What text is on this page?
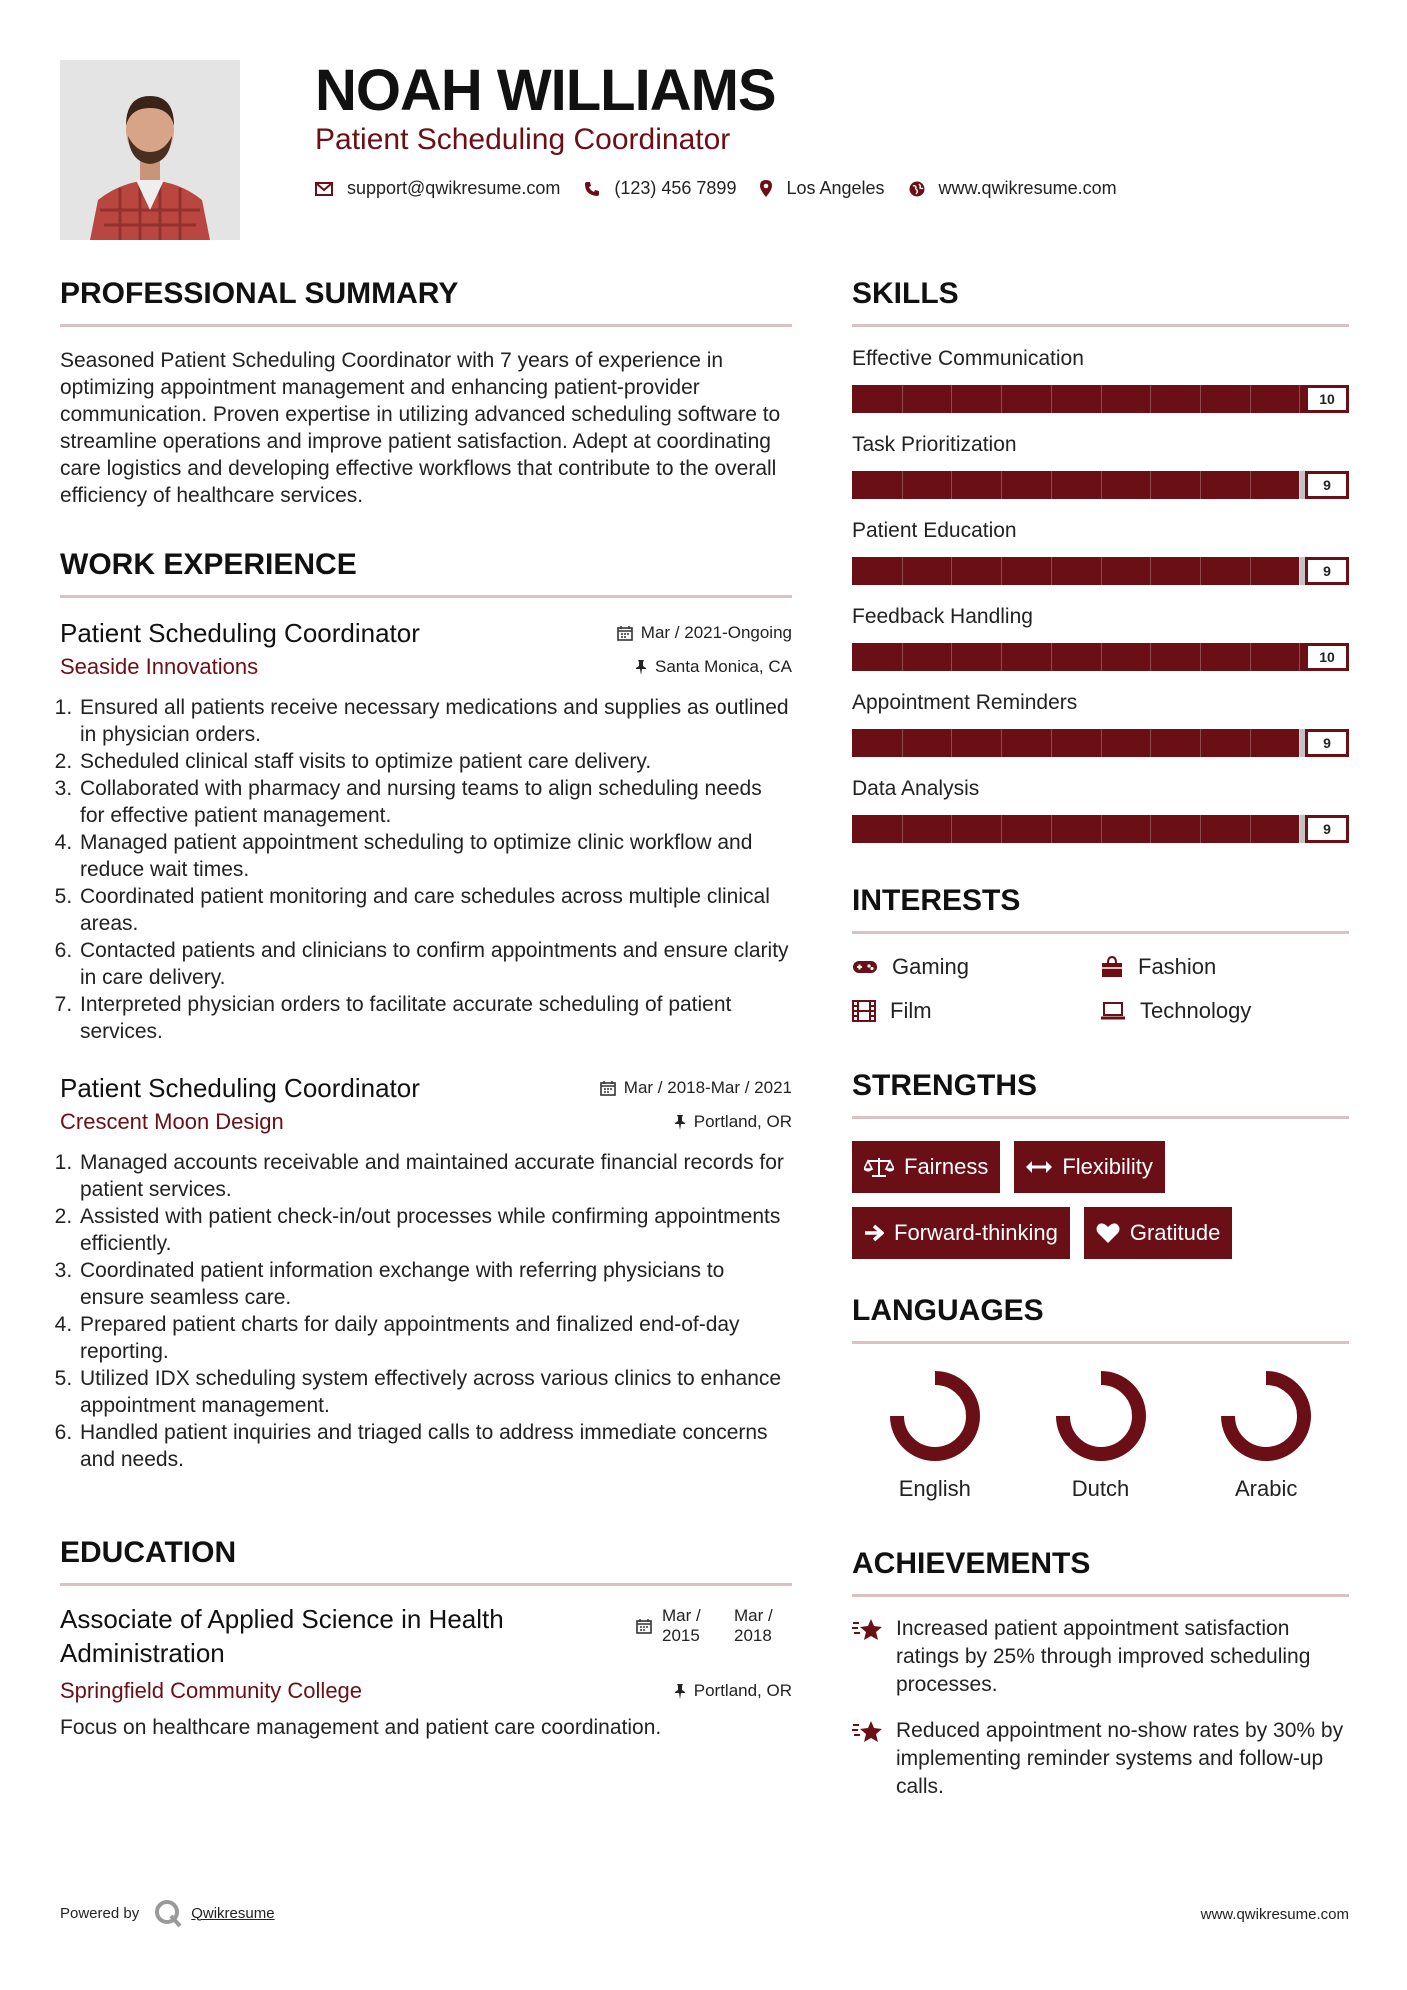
NOAH WILLIAMS
Patient Scheduling Coordinator
support@qwikresume.com	(123) 456 7899	Los Angeles	www.qwikresume.com
PROFESSIONAL SUMMARY

Seasoned Patient Scheduling Coordinator with 7 years of experience in optimizing appointment management and enhancing patient-provider communication. Proven expertise in utilizing advanced scheduling software to streamline operations and improve patient satisfaction. Adept at coordinating care logistics and developing effective workflows that contribute to the overall efficiency of healthcare services.

WORK EXPERIENCE
Patient Scheduling Coordinator	Mar / 2021-Ongoing
Seaside Innovations	Santa Monica, CA
1. Ensured all patients receive necessary medications and supplies as outlined in physician orders.
2. Scheduled clinical staff visits to optimize patient care delivery.
3. Collaborated with pharmacy and nursing teams to align scheduling needs for effective patient management.
4. Managed patient appointment scheduling to optimize clinic workflow and reduce wait times.
5. Coordinated patient monitoring and care schedules across multiple clinical areas.
6. Contacted patients and clinicians to confirm appointments and ensure clarity in care delivery.
7. Interpreted physician orders to facilitate accurate scheduling of patient services.
Patient Scheduling Coordinator	Mar / 2018-Mar / 2021
Crescent Moon Design	Portland, OR
1. Managed accounts receivable and maintained accurate financial records for patient services.
2. Assisted with patient check-in/out processes while confirming appointments efficiently.
3. Coordinated patient information exchange with referring physicians to ensure seamless care.
4. Prepared patient charts for daily appointments and finalized end-of-day reporting.
5. Utilized IDX scheduling system effectively across various clinics to enhance appointment management.
6. Handled patient inquiries and triaged calls to address immediate concerns and needs.
EDUCATION
Associate of Applied Science in Health Administration
Mar / 2015
Mar / 2018
Springfield Community College	Portland, OR

Focus on healthcare management and patient care coordination.

SKILLS
Effective Communication
10
Task Prioritization
9
Patient Education
9
Feedback Handling
10
Appointment Reminders
9
Data Analysis
9
INTERESTS
Gaming	Fashion
Film	Technology
STRENGTHS
Fairness	Flexibility
Forward-thinking	Gratitude
LANGUAGES
English	Dutch	Arabic
ACHIEVEMENTS
Increased patient appointment satisfaction ratings by 25% through improved scheduling processes.
Reduced appointment no-show rates by 30% by implementing reminder systems and follow-up calls.
Powered by	Qwikresume	www.qwikresume.com
